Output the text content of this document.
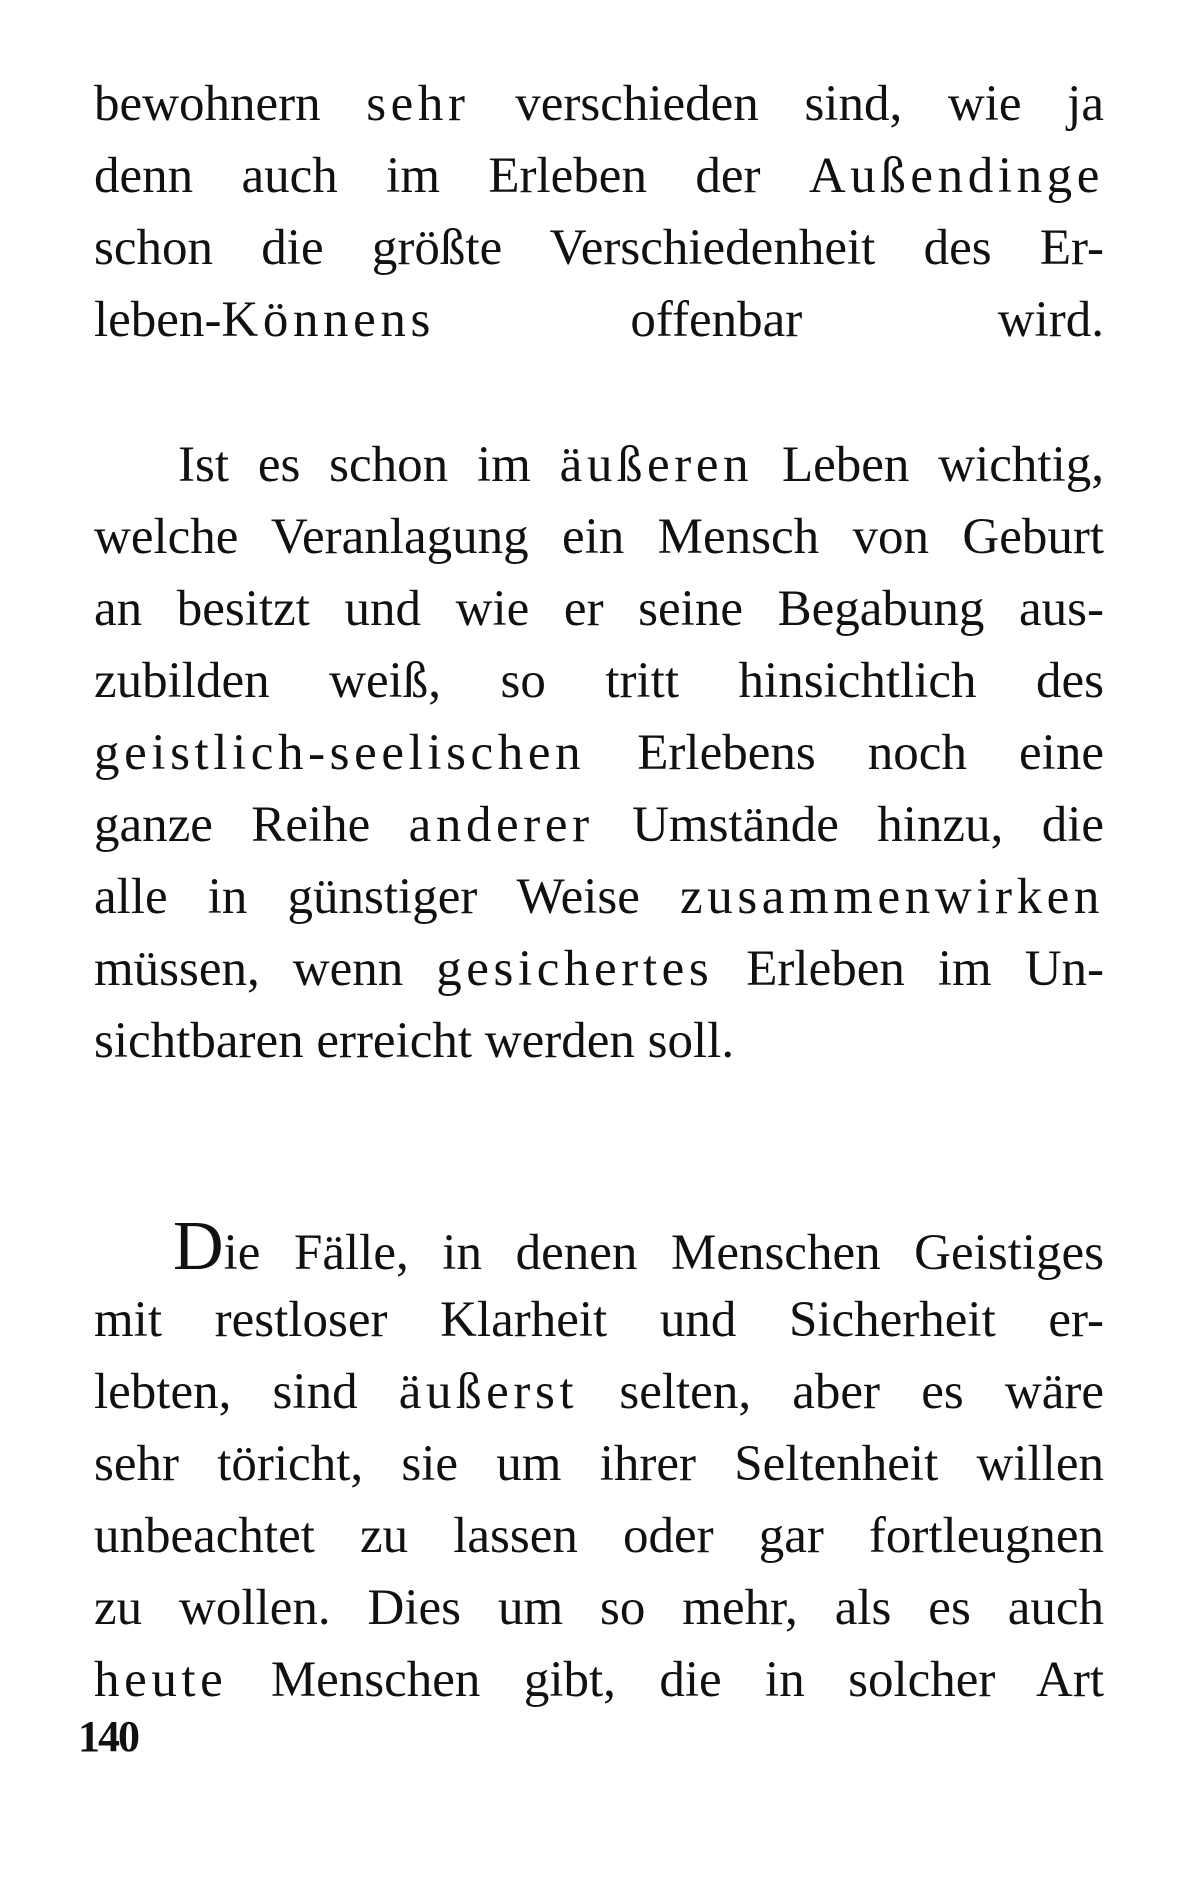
bewohnern sehr verschieden sind, wie ja
denn auch im Erleben der Außendinge
schon die größte Verschiedenheit des Er-
leben-Könnens offenbar wird.
Ist es schon im äußeren Leben wichtig,
welche Veranlagung ein Mensch von Geburt
an besitzt und wie er seine Begabung aus-
zubilden weiß, so tritt hinsichtlich des
geistlich-seelischen Erlebens noch eine
ganze Reihe anderer Umstände hinzu, die
alle in günstiger Weise zusammenwirken
müssen, wenn gesichertes Erleben im Un-
sichtbaren erreicht werden soll.
Die Fälle, in denen Menschen Geistiges
mit restloser Klarheit und Sicherheit er-
lebten, sind äußerst selten, aber es wäre
sehr töricht, sie um ihrer Seltenheit willen
unbeachtet zu lassen oder gar fortleugnen
zu wollen. Dies um so mehr, als es auch
heute Menschen gibt, die in solcher Art
140
